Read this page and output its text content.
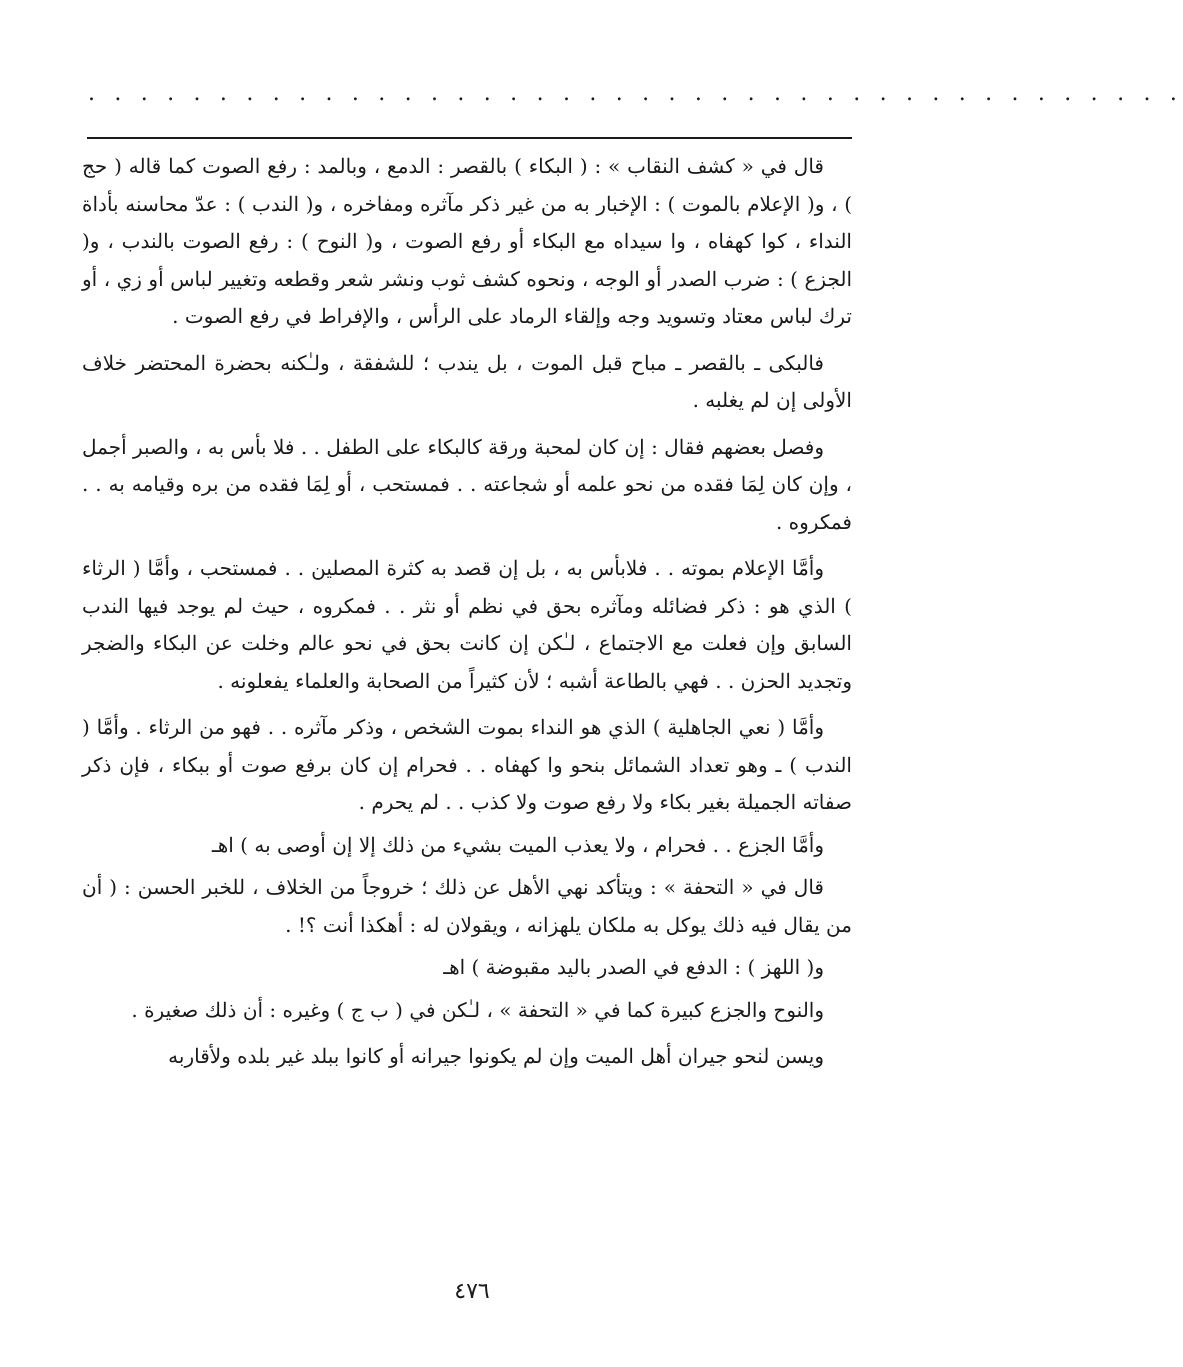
. . . . . . . . . . . . . . . . . . . . . . . . . . . . . . . . . . . . . . . . . .

قال في « كشف النقاب » : ( البكاء ) بالقصر : الدمع ، وبالمد : رفع الصوت كما قاله ( حج ) ، و( الإعلام بالموت ) : الإخبار به من غير ذكر مآثره ومفاخره ، و( الندب ) : عدّ محاسنه بأداة النداء ، كوا كهفاه ، وا سيداه مع البكاء أو رفع الصوت ، و( النوح ) : رفع الصوت بالندب ، و( الجزع ) : ضرب الصدر أو الوجه ، ونحوه كشف ثوب ونشر شعر وقطعه وتغيير لباس أو زي ، أو ترك لباس معتاد وتسويد وجه وإلقاء الرماد على الرأس ، والإفراط في رفع الصوت .

فالبكى ـ بالقصر ـ مباح قبل الموت ، بل يندب ؛ للشفقة ، ولـٰكنه بحضرة المحتضر خلاف الأولى إن لم يغلبه .

وفصل بعضهم فقال : إن كان لمحبة ورقة كالبكاء على الطفل . . فلا بأس به ، والصبر أجمل ، وإن كان لِمَا فقده من نحو علمه أو شجاعته . . فمستحب ، أو لِمَا فقده من بره وقيامه به . . فمكروه .

وأمَّا الإعلام بموته . . فلابأس به ، بل إن قصد به كثرة المصلين . . فمستحب ، وأمَّا ( الرثاء ) الذي هو : ذكر فضائله ومآثره بحق في نظم أو نثر . . فمكروه ، حيث لم يوجد فيها الندب السابق وإن فعلت مع الاجتماع ، لـٰكن إن كانت بحق في نحو عالم وخلت عن البكاء والضجر وتجديد الحزن . . فهي بالطاعة أشبه ؛ لأن كثيراً من الصحابة والعلماء يفعلونه .

وأمَّا ( نعي الجاهلية ) الذي هو النداء بموت الشخص ، وذكر مآثره . . فهو من الرثاء . وأمَّا ( الندب ) ـ وهو تعداد الشمائل بنحو وا كهفاه . . فحرام إن كان برفع صوت أو ببكاء ، فإن ذكر صفاته الجميلة بغير بكاء ولا رفع صوت ولا كذب . . لم يحرم .

وأمَّا الجزع . . فحرام ، ولا يعذب الميت بشيء من ذلك إلا إن أوصى به ) اهـ

قال في « التحفة » : ويتأكد نهي الأهل عن ذلك ؛ خروجاً من الخلاف ، للخبر الحسن : ( أن من يقال فيه ذلك يوكل به ملكان يلهزانه ، ويقولان له : أهكذا أنت ؟! .

و( اللهز ) : الدفع في الصدر باليد مقبوضة ) اهـ

والنوح والجزع كبيرة كما في « التحفة » ، لـٰكن في ( ب ج ) وغيره : أن ذلك صغيرة .

ويسن لنحو جيران أهل الميت وإن لم يكونوا جيرانه أو كانوا ببلد غير بلده ولأقاربه

٤٧٦
